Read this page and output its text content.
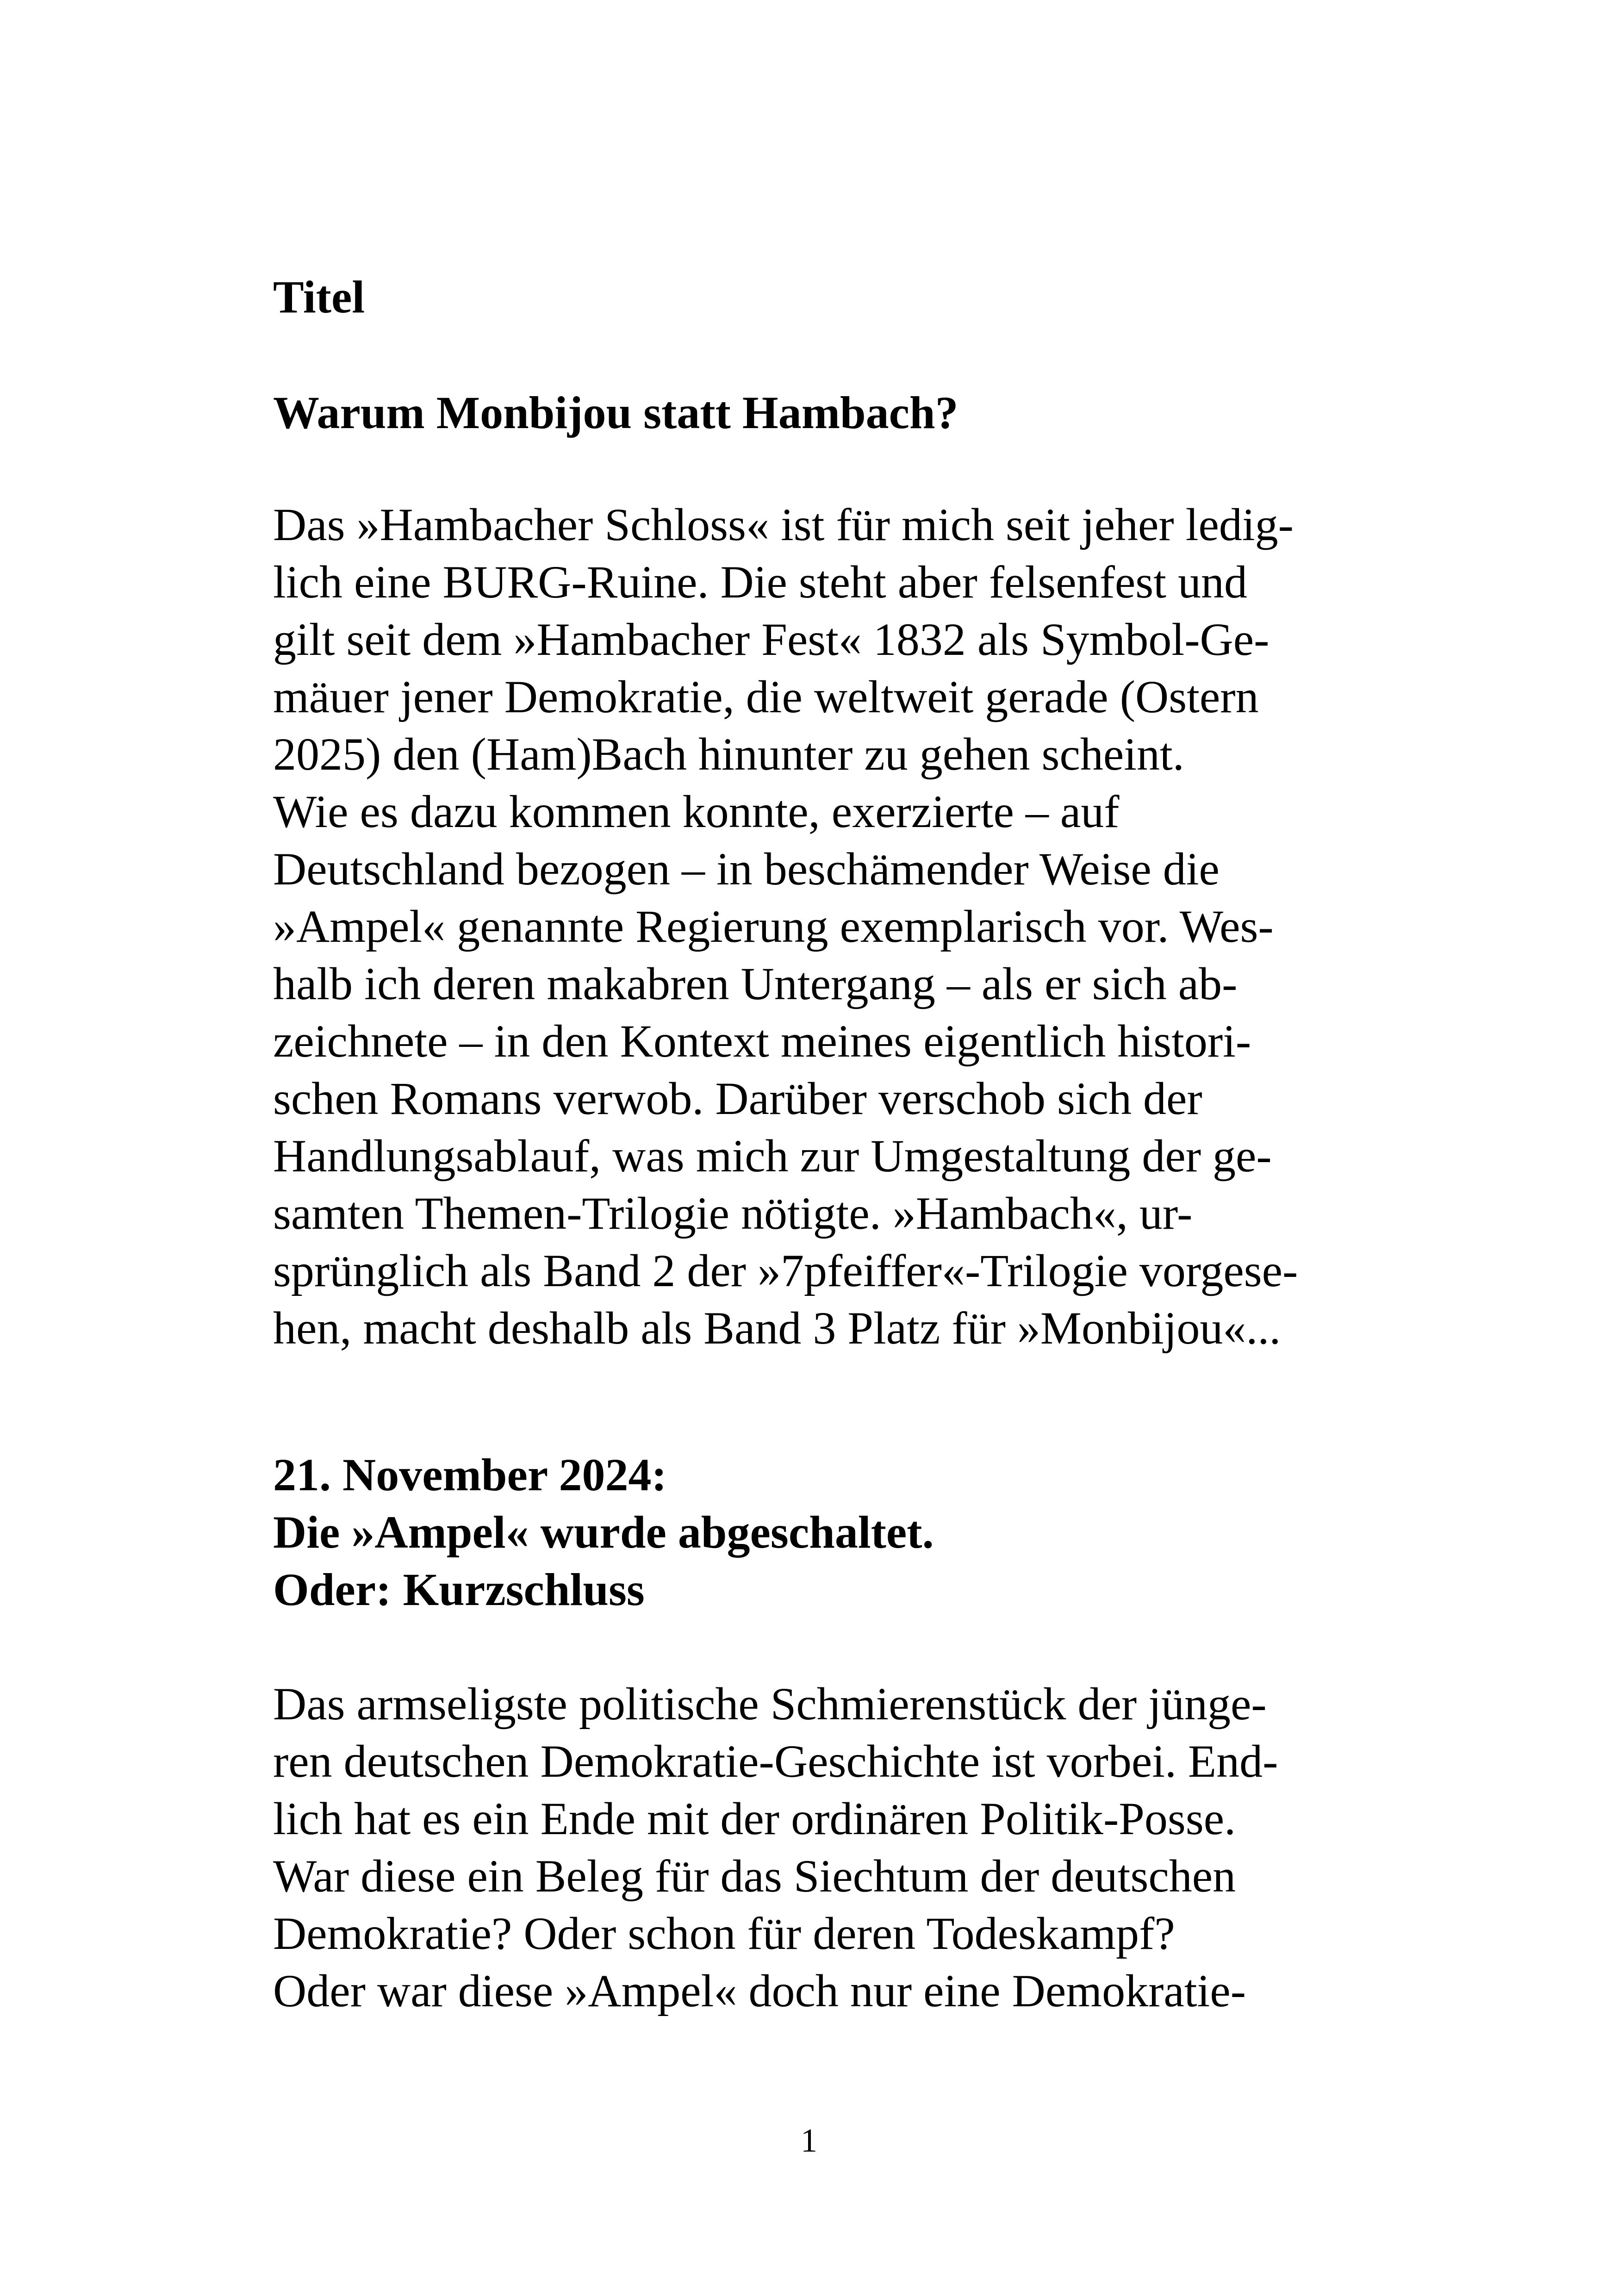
Titel

Warum Monbijou statt Hambach?

Das »Hambacher Schloss« ist für mich seit jeher ledig-

lich eine BURG-Ruine. Die steht aber felsenfest und

gilt seit dem »Hambacher Fest« 1832 als Symbol-Ge-

mäuer jener Demokratie, die weltweit gerade (Ostern

2025) den (Ham)Bach hinunter zu gehen scheint.

Wie es dazu kommen konnte, exerzierte – auf

Deutschland bezogen – in beschämender Weise die

»Ampel« genannte Regierung exemplarisch vor. Wes-

halb ich deren makabren Untergang – als er sich ab-

zeichnete – in den Kontext meines eigentlich histori-

schen Romans verwob. Darüber verschob sich der

Handlungsablauf, was mich zur Umgestaltung der ge-

samten Themen-Trilogie nötigte. »Hambach«, ur-

sprünglich als Band 2 der »7pfeiffer«-Trilogie vorgese-

hen, macht deshalb als Band 3 Platz für »Monbijou«...

21. November 2024:

Die »Ampel« wurde abgeschaltet.

Oder: Kurzschluss

Das armseligste politische Schmierenstück der jünge-

ren deutschen Demokratie-Geschichte ist vorbei. End-

lich hat es ein Ende mit der ordinären Politik-Posse.

War diese ein Beleg für das Siechtum der deutschen

Demokratie? Oder schon für deren Todeskampf?

Oder war diese »Ampel« doch nur eine Demokratie-

1
